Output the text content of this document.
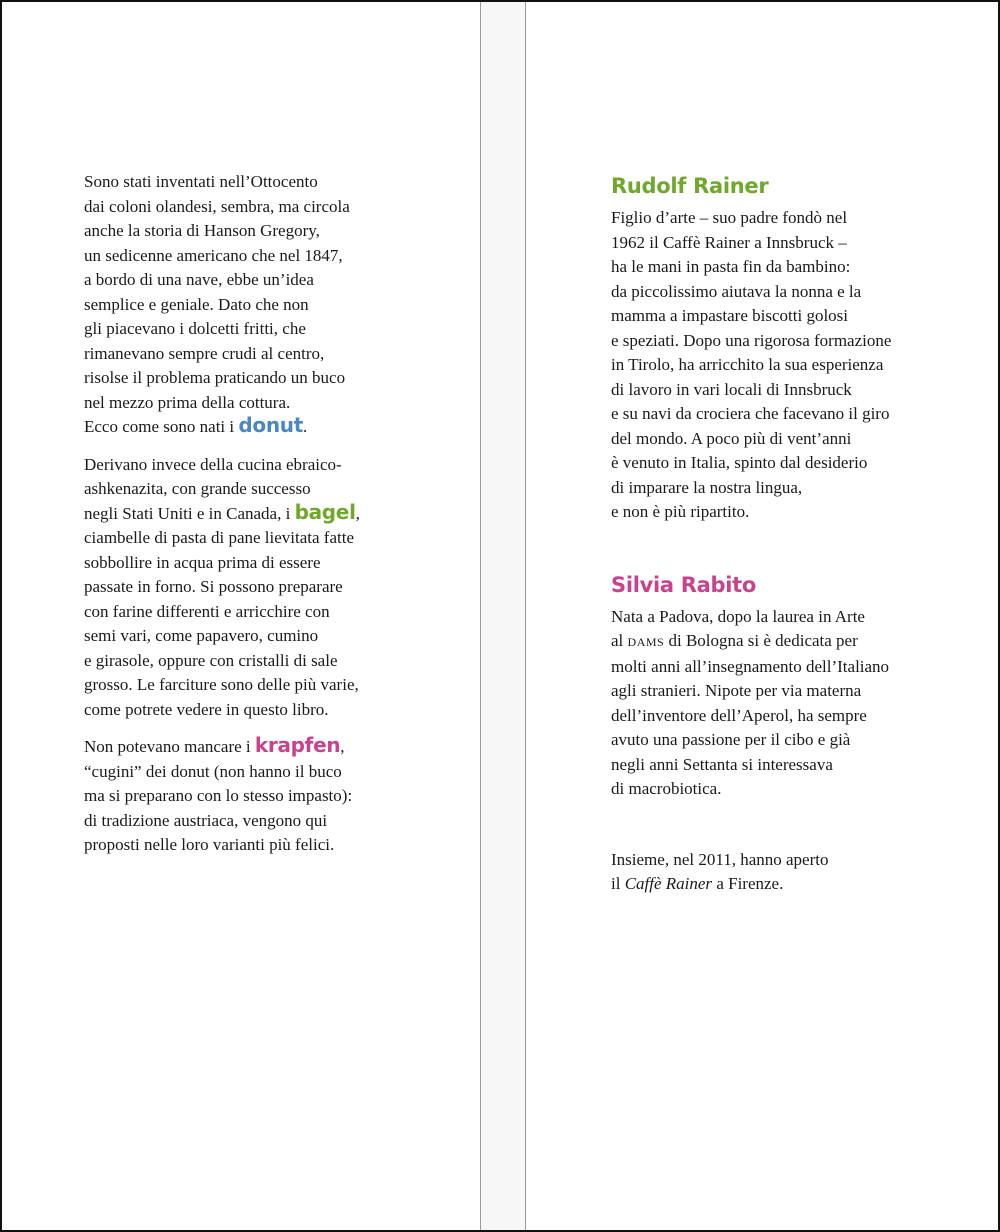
Sono stati inventati nell’Ottocento
dai coloni olandesi, sembra, ma circola
anche la storia di Hanson Gregory,
un sedicenne americano che nel 1847,
a bordo di una nave, ebbe un’idea
semplice e geniale. Dato che non
gli piacevano i dolcetti fritti, che
rimanevano sempre crudi al centro,
risolse il problema praticando un buco
nel mezzo prima della cottura.
Ecco come sono nati i donut.

Derivano invece della cucina ebraico-
ashkenazita, con grande successo
negli Stati Uniti e in Canada, i bagel,
ciambelle di pasta di pane lievitata fatte
sobbollire in acqua prima di essere
passate in forno. Si possono preparare
con farine differenti e arricchire con
semi vari, come papavero, cumino
e girasole, oppure con cristalli di sale
grosso. Le farciture sono delle più varie,
come potrete vedere in questo libro.

Non potevano mancare i krapfen,
“cugini” dei donut (non hanno il buco
ma si preparano con lo stesso impasto):
di tradizione austriaca, vengono qui
proposti nelle loro varianti più felici.

Rudolf Rainer

Figlio d’arte – suo padre fondò nel
1962 il Caffè Rainer a Innsbruck –
ha le mani in pasta fin da bambino:
da piccolissimo aiutava la nonna e la
mamma a impastare biscotti golosi
e speziati. Dopo una rigorosa formazione
in Tirolo, ha arricchito la sua esperienza
di lavoro in vari locali di Innsbruck
e su navi da crociera che facevano il giro
del mondo. A poco più di vent’anni
è venuto in Italia, spinto dal desiderio
di imparare la nostra lingua,
e non è più ripartito.

Silvia Rabito

Nata a Padova, dopo la laurea in Arte
al DAMS di Bologna si è dedicata per
molti anni all’insegnamento dell’Italiano
agli stranieri. Nipote per via materna
dell’inventore dell’Aperol, ha sempre
avuto una passione per il cibo e già
negli anni Settanta si interessava
di macrobiotica.

Insieme, nel 2011, hanno aperto
il Caffè Rainer a Firenze.
